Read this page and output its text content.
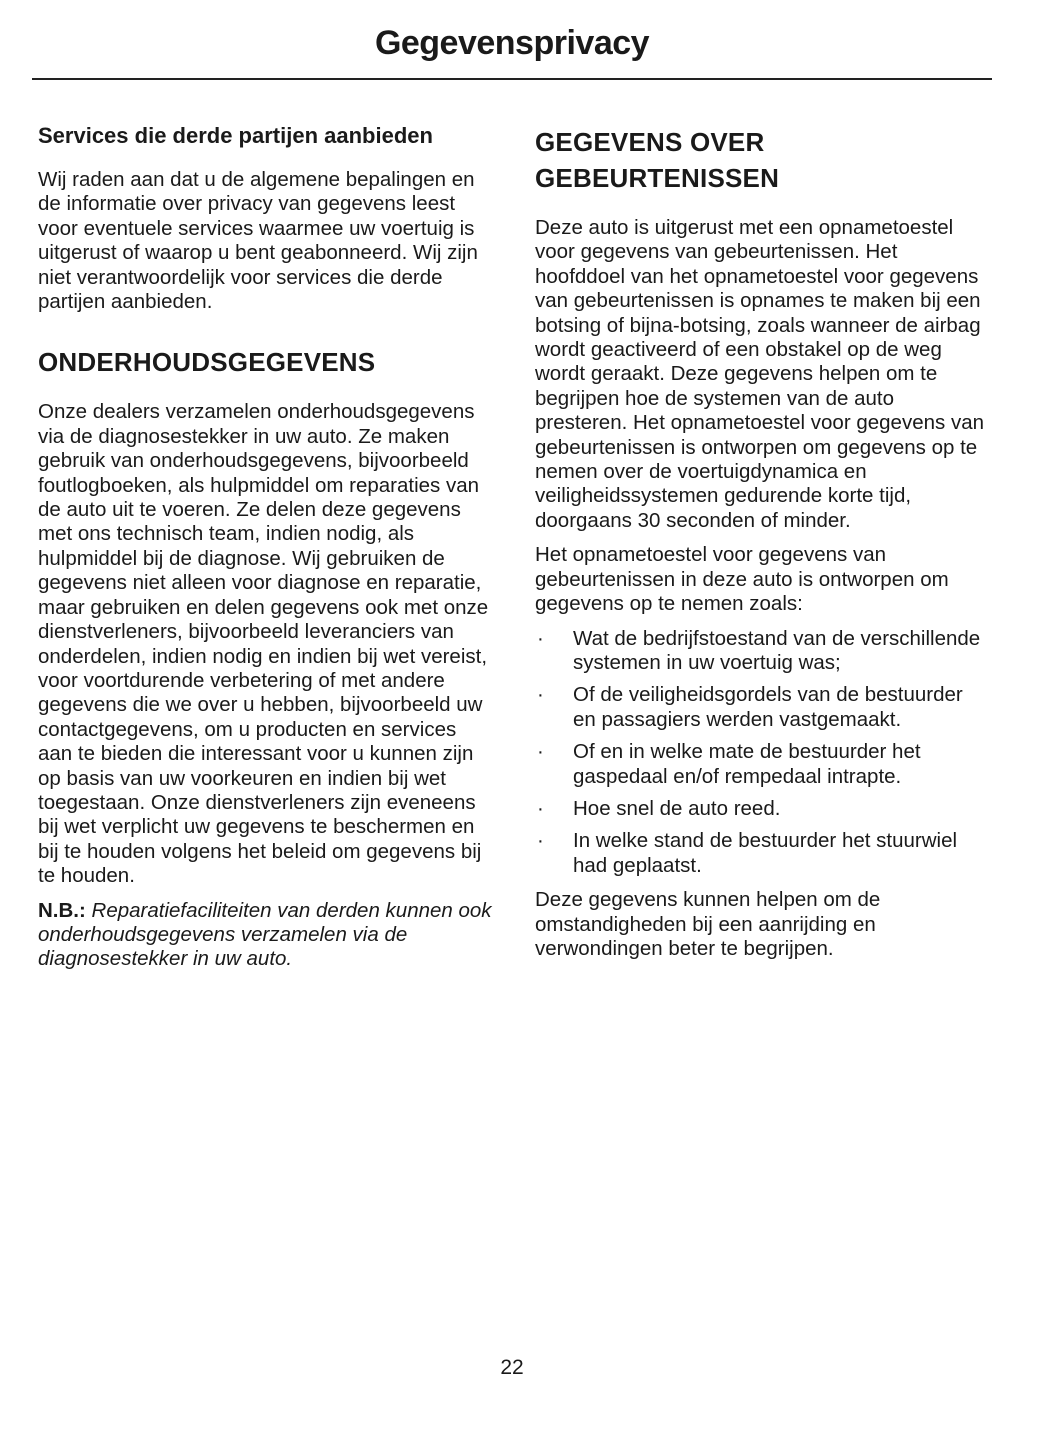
Gegevensprivacy
Services die derde partijen aanbieden

Wij raden aan dat u de algemene bepalingen en de informatie over privacy van gegevens leest voor eventuele services waarmee uw voertuig is uitgerust of waarop u bent geabonneerd. Wij zijn niet verantwoordelijk voor services die derde partijen aanbieden.

ONDERHOUDSGEGEVENS

Onze dealers verzamelen onderhoudsgegevens via de diagnosestekker in uw auto. Ze maken gebruik van onderhoudsgegevens, bijvoorbeeld foutlogboeken, als hulpmiddel om reparaties van de auto uit te voeren. Ze delen deze gegevens met ons technisch team, indien nodig, als hulpmiddel bij de diagnose. Wij gebruiken de gegevens niet alleen voor diagnose en reparatie, maar gebruiken en delen gegevens ook met onze dienstverleners, bijvoorbeeld leveranciers van onderdelen, indien nodig en indien bij wet vereist, voor voortdurende verbetering of met andere gegevens die we over u hebben, bijvoorbeeld uw contactgegevens, om u producten en services aan te bieden die interessant voor u kunnen zijn op basis van uw voorkeuren en indien bij wet toegestaan. Onze dienstverleners zijn eveneens bij wet verplicht uw gegevens te beschermen en bij te houden volgens het beleid om gegevens bij te houden.

N.B.: Reparatiefaciliteiten van derden kunnen ook onderhoudsgegevens verzamelen via de diagnosestekker in uw auto.

GEGEVENS OVER GEBEURTENISSEN

Deze auto is uitgerust met een opnametoestel voor gegevens van gebeurtenissen. Het hoofddoel van het opnametoestel voor gegevens van gebeurtenissen is opnames te maken bij een botsing of bijna-botsing, zoals wanneer de airbag wordt geactiveerd of een obstakel op de weg wordt geraakt. Deze gegevens helpen om te begrijpen hoe de systemen van de auto presteren. Het opnametoestel voor gegevens van gebeurtenissen is ontworpen om gegevens op te nemen over de voertuigdynamica en veiligheidssystemen gedurende korte tijd, doorgaans 30 seconden of minder.

Het opnametoestel voor gegevens van gebeurtenissen in deze auto is ontworpen om gegevens op te nemen zoals:

· Wat de bedrijfstoestand van de verschillende systemen in uw voertuig was;
· Of de veiligheidsgordels van de bestuurder en passagiers werden vastgemaakt.
· Of en in welke mate de bestuurder het gaspedaal en/of rempedaal intrapte.
· Hoe snel de auto reed.
· In welke stand de bestuurder het stuurwiel had geplaatst.

Deze gegevens kunnen helpen om de omstandigheden bij een aanrijding en verwondingen beter te begrijpen.

22
